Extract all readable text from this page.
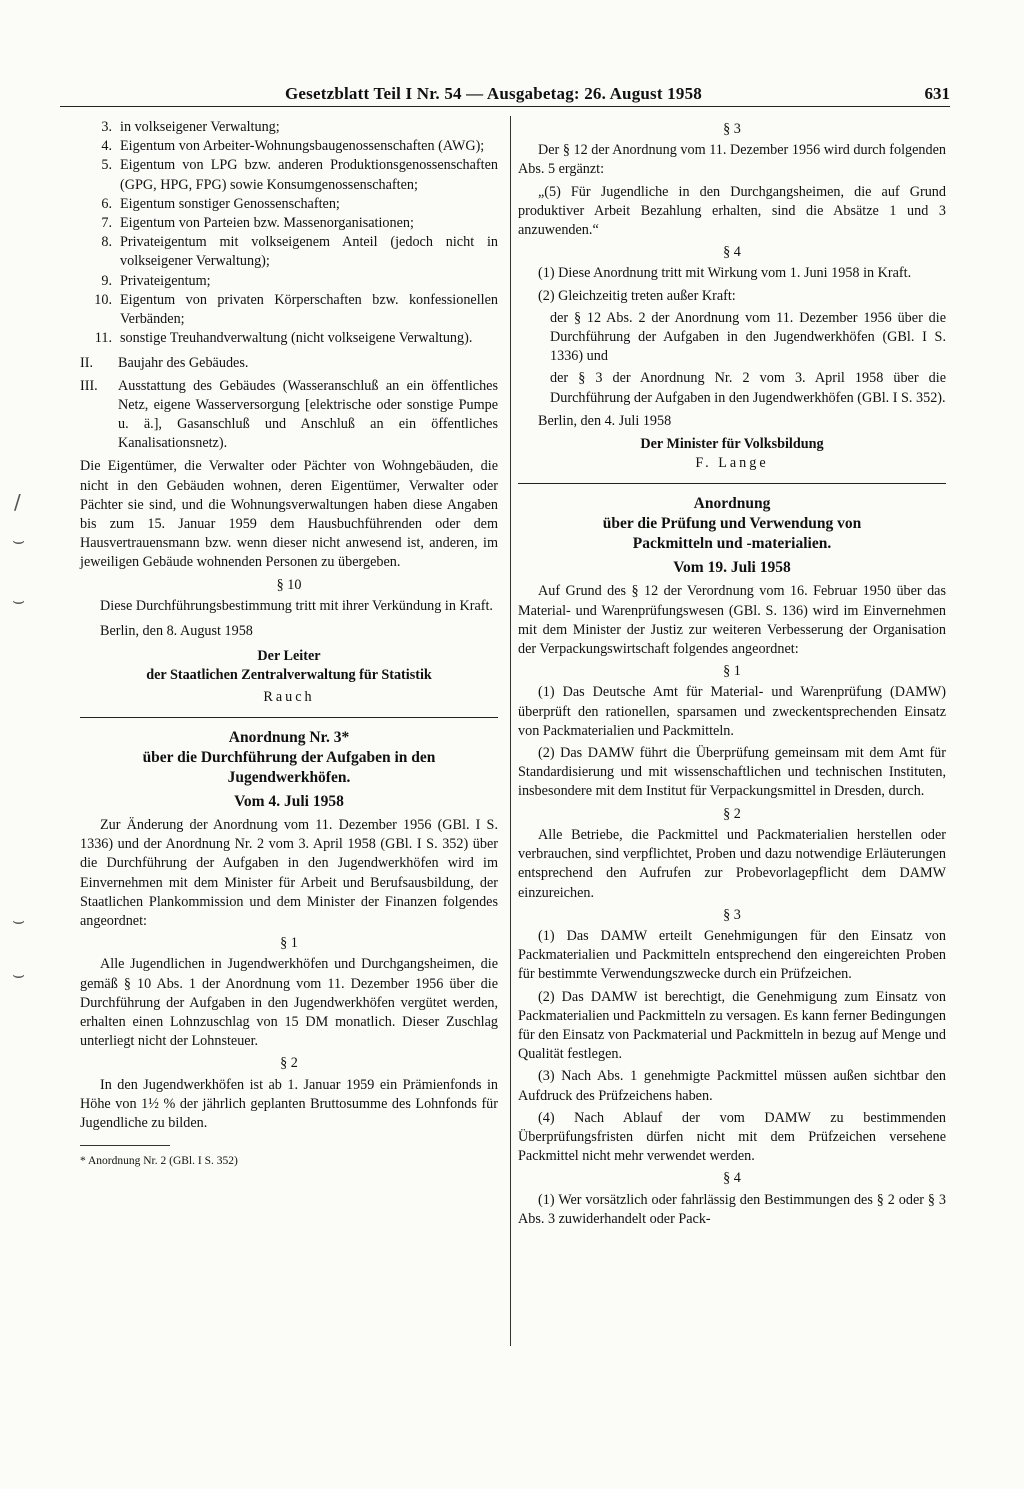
/
⌣
⌣
⌣
⌣
Gesetzblatt Teil I Nr. 54 — Ausgabetag: 26. August 1958	631
3. in volkseigener Verwaltung;
4. Eigentum von Arbeiter-Wohnungsbaugenossenschaften (AWG);
5. Eigentum von LPG bzw. anderen Produktionsgenossenschaften (GPG, HPG, FPG) sowie Konsumgenossenschaften;
6. Eigentum sonstiger Genossenschaften;
7. Eigentum von Parteien bzw. Massenorganisationen;
8. Privateigentum mit volkseigenem Anteil (jedoch nicht in volkseigener Verwaltung);
9. Privateigentum;
10. Eigentum von privaten Körperschaften bzw. konfessionellen Verbänden;
11. sonstige Treuhandverwaltung (nicht volkseigene Verwaltung).
II.	Baujahr des Gebäudes.
III.	Ausstattung des Gebäudes (Wasseranschluß an ein öffentliches Netz, eigene Wasserversorgung [elektrische oder sonstige Pumpe u. ä.], Gasanschluß und Anschluß an ein öffentliches Kanalisationsnetz).

Die Eigentümer, die Verwalter oder Pächter von Wohngebäuden, die nicht in den Gebäuden wohnen, deren Eigentümer, Verwalter oder Pächter sie sind, und die Wohnungsverwaltungen haben diese Angaben bis zum 15. Januar 1959 dem Hausbuchführenden oder dem Hausvertrauensmann bzw. wenn dieser nicht anwesend ist, anderen, im jeweiligen Gebäude wohnenden Personen zu übergeben.

§ 10

Diese Durchführungsbestimmung tritt mit ihrer Verkündung in Kraft.

Berlin, den 8. August 1958

Der Leiter
der Staatlichen Zentralverwaltung für Statistik
Rauch
Anordnung Nr. 3*
über die Durchführung der Aufgaben in den
Jugendwerkhöfen.
Vom 4. Juli 1958

Zur Änderung der Anordnung vom 11. Dezember 1956 (GBl. I S. 1336) und der Anordnung Nr. 2 vom 3. April 1958 (GBl. I S. 352) über die Durchführung der Aufgaben in den Jugendwerkhöfen wird im Einvernehmen mit dem Minister für Arbeit und Berufsausbildung, der Staatlichen Plankommission und dem Minister der Finanzen folgendes angeordnet:

§ 1

Alle Jugendlichen in Jugendwerkhöfen und Durchgangsheimen, die gemäß § 10 Abs. 1 der Anordnung vom 11. Dezember 1956 über die Durchführung der Aufgaben in den Jugendwerkhöfen vergütet werden, erhalten einen Lohnzuschlag von 15 DM monatlich. Dieser Zuschlag unterliegt nicht der Lohnsteuer.

§ 2

In den Jugendwerkhöfen ist ab 1. Januar 1959 ein Prämienfonds in Höhe von 1½ % der jährlich geplanten Bruttosumme des Lohnfonds für Jugendliche zu bilden.

* Anordnung Nr. 2 (GBl. I S. 352)
§ 3

Der § 12 der Anordnung vom 11. Dezember 1956 wird durch folgenden Abs. 5 ergänzt:

„(5) Für Jugendliche in den Durchgangsheimen, die auf Grund produktiver Arbeit Bezahlung erhalten, sind die Absätze 1 und 3 anzuwenden.“

§ 4

(1) Diese Anordnung tritt mit Wirkung vom 1. Juni 1958 in Kraft.

(2) Gleichzeitig treten außer Kraft:

der § 12 Abs. 2 der Anordnung vom 11. Dezember 1956 über die Durchführung der Aufgaben in den Jugendwerkhöfen (GBl. I S. 1336) und

der § 3 der Anordnung Nr. 2 vom 3. April 1958 über die Durchführung der Aufgaben in den Jugendwerkhöfen (GBl. I S. 352).

Berlin, den 4. Juli 1958

Der Minister für Volksbildung
F. Lange
Anordnung
über die Prüfung und Verwendung von
Packmitteln und -materialien.
Vom 19. Juli 1958

Auf Grund des § 12 der Verordnung vom 16. Februar 1950 über das Material- und Warenprüfungswesen (GBl. S. 136) wird im Einvernehmen mit dem Minister der Justiz zur weiteren Verbesserung der Organisation der Verpackungswirtschaft folgendes angeordnet:

§ 1

(1) Das Deutsche Amt für Material- und Warenprüfung (DAMW) überprüft den rationellen, sparsamen und zweckentsprechenden Einsatz von Packmaterialien und Packmitteln.

(2) Das DAMW führt die Überprüfung gemeinsam mit dem Amt für Standardisierung und mit wissenschaftlichen und technischen Instituten, insbesondere mit dem Institut für Verpackungsmittel in Dresden, durch.

§ 2

Alle Betriebe, die Packmittel und Packmaterialien herstellen oder verbrauchen, sind verpflichtet, Proben und dazu notwendige Erläuterungen entsprechend den Aufrufen zur Probevorlagepflicht dem DAMW einzureichen.

§ 3

(1) Das DAMW erteilt Genehmigungen für den Einsatz von Packmaterialien und Packmitteln entsprechend den eingereichten Proben für bestimmte Verwendungszwecke durch ein Prüfzeichen.

(2) Das DAMW ist berechtigt, die Genehmigung zum Einsatz von Packmaterialien und Packmitteln zu versagen. Es kann ferner Bedingungen für den Einsatz von Packmaterial und Packmitteln in bezug auf Menge und Qualität festlegen.

(3) Nach Abs. 1 genehmigte Packmittel müssen außen sichtbar den Aufdruck des Prüfzeichens haben.

(4) Nach Ablauf der vom DAMW zu bestimmenden Überprüfungsfristen dürfen nicht mit dem Prüfzeichen versehene Packmittel nicht mehr verwendet werden.

§ 4

(1) Wer vorsätzlich oder fahrlässig den Bestimmungen des § 2 oder § 3 Abs. 3 zuwiderhandelt oder Pack-
